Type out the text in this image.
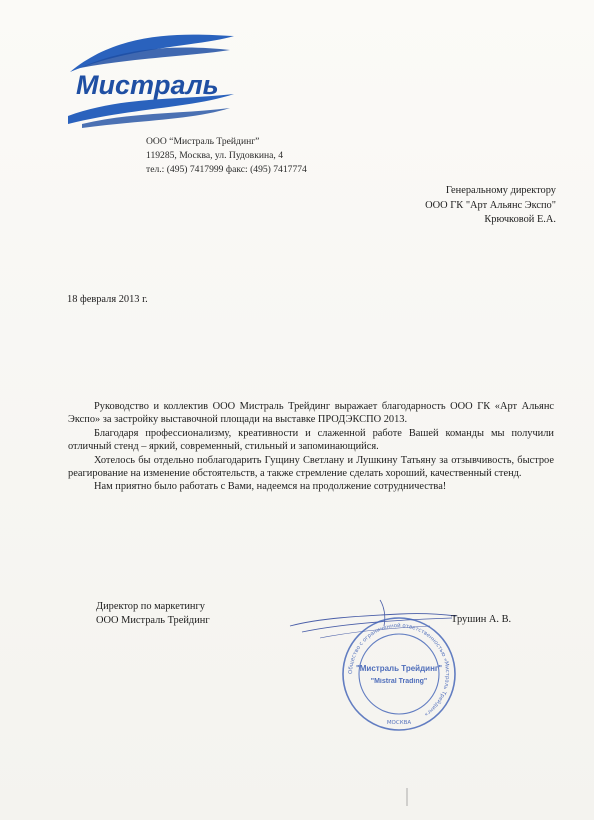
Мистраль
ООО “Мистраль Трейдинг”
119285, Москва, ул. Пудовкина, 4
тел.: (495) 7417999 факс: (495) 7417774
Генеральному директору
ООО ГК "Арт Альянс Экспо"
Крючковой Е.А.
18 февраля 2013 г.

Руководство и коллектив ООО Мистраль Трейдинг выражает благодарность ООО ГК «Арт Альянс Экспо» за застройку выставочной площади на выставке ПРОДЭКСПО 2013.

Благодаря профессионализму, креативности и слаженной работе Вашей команды мы получили отличный стенд – яркий, современный, стильный и запоминающийся.

Хотелось бы отдельно поблагодарить Гущину Светлану и Лушкину Татьяну за отзывчивость, быстрое реагирование на изменение обстоятельств, а также стремление сделать хороший, качественный стенд.

Нам приятно было работать с Вами, надеемся на продолжение сотрудничества!

Директор по маркетингу
ООО Мистраль Трейдинг	Трушин А. В.
Общество с ограниченной ответственностью «Мистраль Трейдинг»
"Мистраль Трейдинг"
"Mistral Trading"
МОСКВА
